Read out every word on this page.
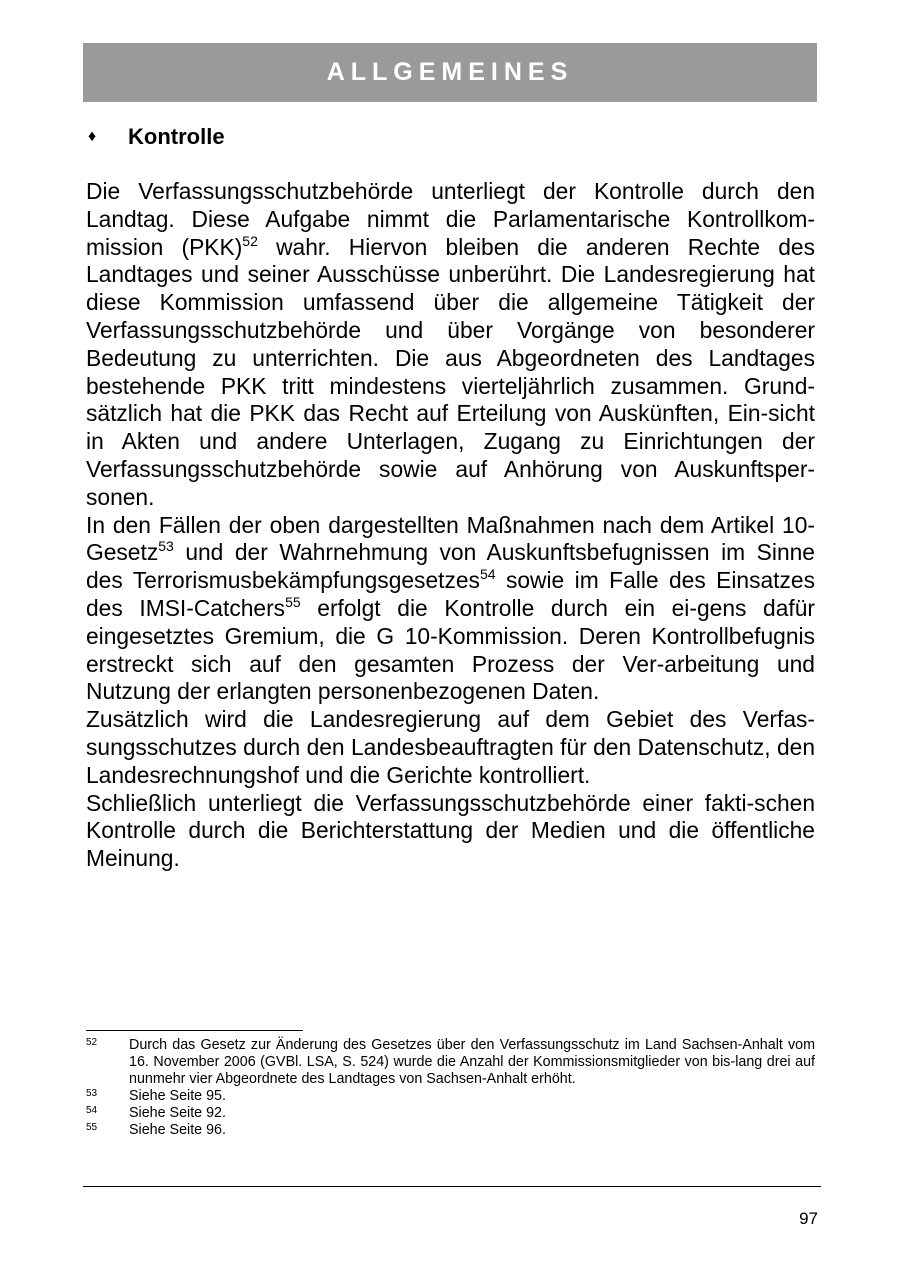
ALLGEMEINES
♦	Kontrolle

Die Verfassungsschutzbehörde unterliegt der Kontrolle durch den Landtag. Diese Aufgabe nimmt die Parlamentarische Kontrollkom-mission (PKK)$^{52}$ wahr. Hiervon bleiben die anderen Rechte des Landtages und seiner Ausschüsse unberührt. Die Landesregierung hat diese Kommission umfassend über die allgemeine Tätigkeit der Verfassungsschutzbehörde und über Vorgänge von besonderer Bedeutung zu unterrichten. Die aus Abgeordneten des Landtages bestehende PKK tritt mindestens vierteljährlich zusammen. Grund-sätzlich hat die PKK das Recht auf Erteilung von Auskünften, Ein-sicht in Akten und andere Unterlagen, Zugang zu Einrichtungen der Verfassungsschutzbehörde sowie auf Anhörung von Auskunftsper-sonen.

In den Fällen der oben dargestellten Maßnahmen nach dem Artikel 10-Gesetz$^{53}$ und der Wahrnehmung von Auskunftsbefugnissen im Sinne des Terrorismusbekämpfungsgesetzes$^{54}$ sowie im Falle des Einsatzes des IMSI-Catchers$^{55}$ erfolgt die Kontrolle durch ein ei-gens dafür eingesetztes Gremium, die G 10-Kommission. Deren Kontrollbefugnis erstreckt sich auf den gesamten Prozess der Ver-arbeitung und Nutzung der erlangten personenbezogenen Daten.

Zusätzlich wird die Landesregierung auf dem Gebiet des Verfas-sungsschutzes durch den Landesbeauftragten für den Datenschutz, den Landesrechnungshof und die Gerichte kontrolliert.

Schließlich unterliegt die Verfassungsschutzbehörde einer fakti-schen Kontrolle durch die Berichterstattung der Medien und die öffentliche Meinung.

52	Durch das Gesetz zur Änderung des Gesetzes über den Verfassungsschutz im Land Sachsen-Anhalt vom 16. November 2006 (GVBl. LSA, S. 524) wurde die Anzahl der Kommissionsmitglieder von bis-lang drei auf nunmehr vier Abgeordnete des Landtages von Sachsen-Anhalt erhöht.
53	Siehe Seite 95.
54	Siehe Seite 92.
55	Siehe Seite 96.
97
